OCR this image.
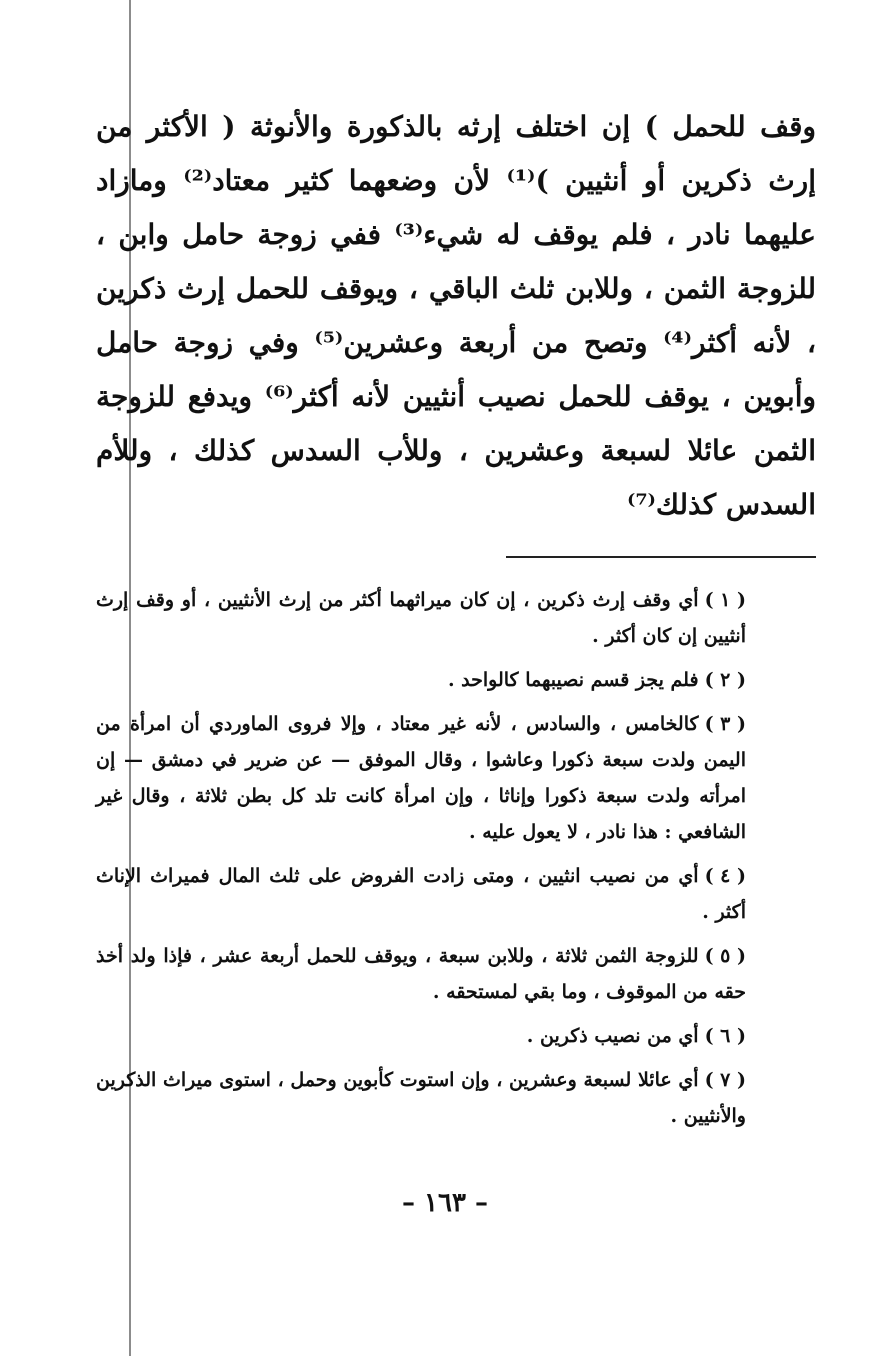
وقف للحمل ) إن اختلف إرثه بالذكورة والأنوثة ( الأكثر من إرث ذكرين أو أنثيين )⁽¹⁾ لأن وضعهما كثير معتاد⁽²⁾ ومازاد عليهما نادر ، فلم يوقف له شيء⁽³⁾ ففي زوجة حامل وابن ، للزوجة الثمن ، وللابن ثلث الباقي ، ويوقف للحمل إرث ذكرين ، لأنه أكثر⁽⁴⁾ وتصح من أربعة وعشرين⁽⁵⁾ وفي زوجة حامل وأبوين ، يوقف للحمل نصيب أنثيين لأنه أكثر⁽⁶⁾ ويدفع للزوجة الثمن عائلا لسبعة وعشرين ، وللأب السدس كذلك ، وللأم السدس كذلك⁽⁷⁾

( ١ )أي وقف إرث ذكرين ، إن كان ميراثهما أكثر من إرث الأنثيين ، أو وقف إرث أنثيين إن كان أكثر .

( ٢ )فلم يجز قسم نصيبهما كالواحد .

( ٣ )كالخامس ، والسادس ، لأنه غير معتاد ، وإلا فروى الماوردي أن امرأة من اليمن ولدت سبعة ذكورا وعاشوا ، وقال الموفق — عن ضرير في دمشق — إن امرأته ولدت سبعة ذكورا وإناثا ، وإن امرأة كانت تلد كل بطن ثلاثة ، وقال غير الشافعي : هذا نادر ، لا يعول عليه .

( ٤ )أي من نصيب انثيين ، ومتى زادت الفروض على ثلث المال فميراث الإناث أكثر .

( ٥ )للزوجة الثمن ثلاثة ، وللابن سبعة ، ويوقف للحمل أربعة عشر ، فإذا ولد أخذ حقه من الموقوف ، وما بقي لمستحقه .

( ٦ )أي من نصيب ذكرين .

( ٧ )أي عائلا لسبعة وعشرين ، وإن استوت كأبوين وحمل ، استوى ميراث الذكرين والأنثيين .

– ١٦٣ –
